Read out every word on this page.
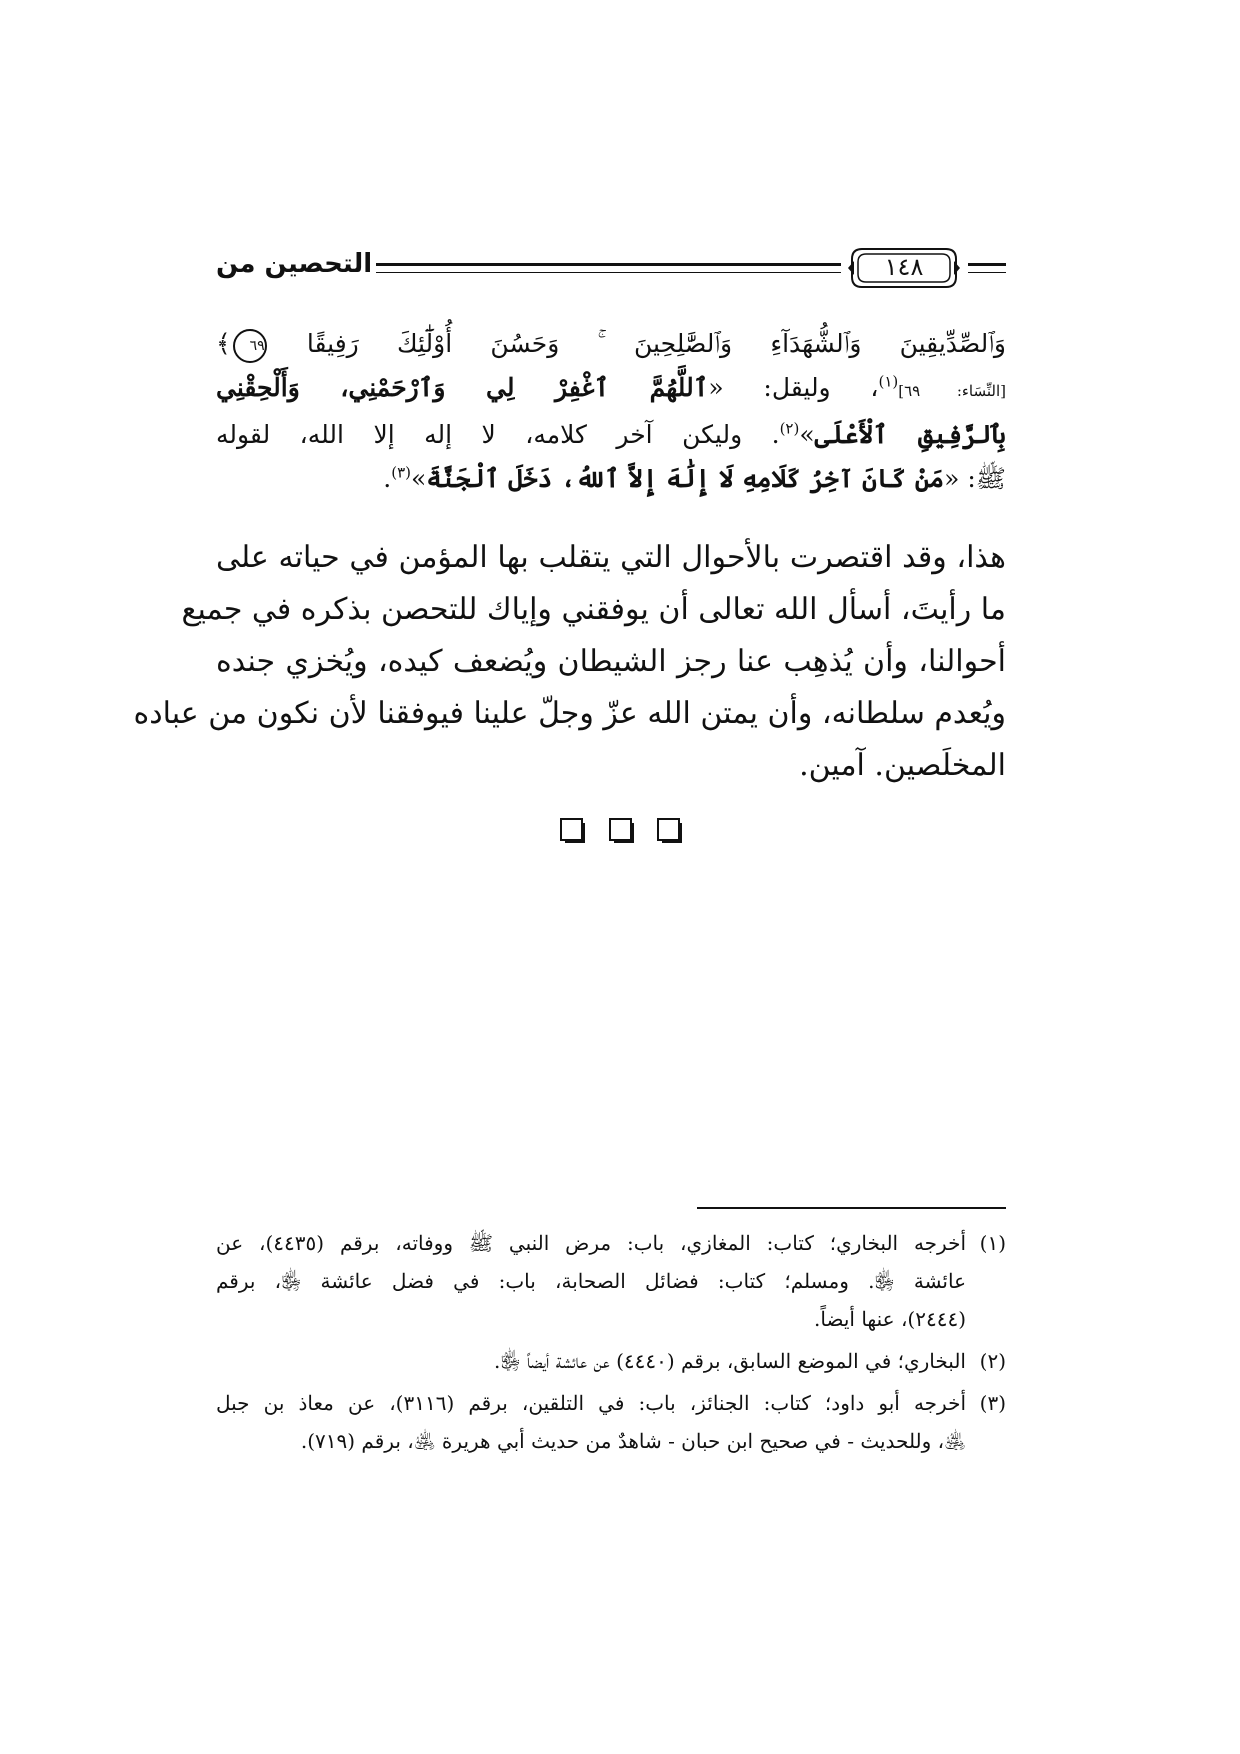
التحصين من	١٤٨
وَٱلصِّدِّيقِينَ وَٱلشُّهَدَآءِ وَٱلصَّٰلِحِينَ ۚ وَحَسُنَ أُوْلَٰٓئِكَ رَفِيقًا ٦٩﴾
[النِّسَاء: ٦٩]$^{(١)}$، وليقل: «ٱللَّهُمَّ ٱغْفِرْ لِي وَٱرْحَمْنِي، وَأَلْحِقْنِي
بِٱلرَّفِيقِ ٱلْأَعْلَى»$^{(٢)}$. وليكن آخر كلامه، لا إله إلا الله، لقوله
ﷺ: «مَنْ كَانَ آخِرُ كَلَامِهِ لَا إِلَٰهَ إِلاَّ ٱللهُ، دَخَلَ ٱلْجَنَّةَ»$^{(٣)}$.
هذا، وقد اقتصرت بالأحوال التي يتقلب بها المؤمن في حياته على
ما رأيتَ، أسأل الله تعالى أن يوفقني وإياك للتحصن بذكره في جميع
أحوالنا، وأن يُذهِب عنا رجز الشيطان ويُضعف كيده، ويُخزي جنده
ويُعدم سلطانه، وأن يمتن الله عزّ وجلّ علينا فيوفقنا لأن نكون من عباده
المخلَصين. آمين.
(١)أخرجه البخاري؛ كتاب: المغازي، باب: مرض النبي ﷺ ووفاته، برقم (٤٤٣٥)، عن
عائشة ﵂. ومسلم؛ كتاب: فضائل الصحابة، باب: في فضل عائشة ﵂، برقم
(٢٤٤٤)، عنها أيضاً.
(٢)البخاري؛ في الموضع السابق، برقم (٤٤٤٠) عن عائشة أيضاً ﵂.
(٣)أخرجه أبو داود؛ كتاب: الجنائز، باب: في التلقين، برقم (٣١١٦)، عن معاذ بن جبل
﵁، وللحديث - في صحيح ابن حبان - شاهدٌ من حديث أبي هريرة ﵁، برقم (٧١٩).
